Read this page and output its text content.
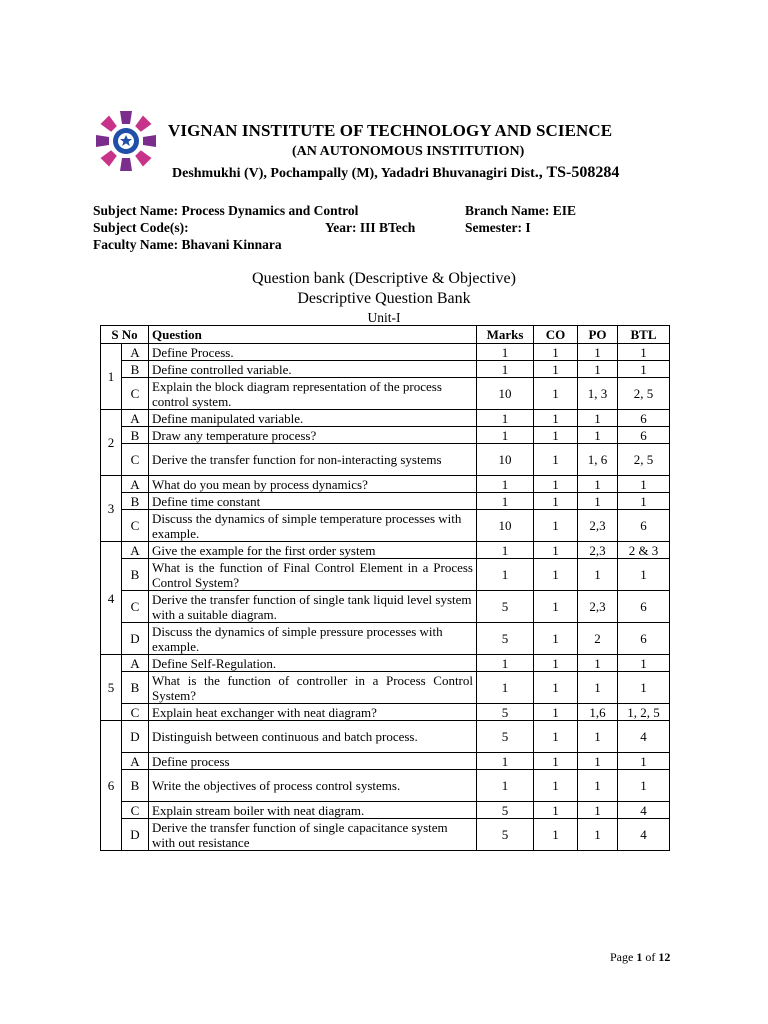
VIGNAN INSTITUTE OF TECHNOLOGY AND SCIENCE
(AN AUTONOMOUS INSTITUTION)
Deshmukhi (V), Pochampally (M), Yadadri Bhuvanagiri Dist., TS-508284
Subject Name: Process Dynamics and Control
Subject Code(s):	Year: III BTech
Faculty Name: Bhavani Kinnara
Branch Name: EIE
Semester: I
Question bank (Descriptive & Objective)
Descriptive Question Bank
Unit-I
S No		Question	Marks	CO	PO	BTL
1	A	Define Process.	1	1	1	1
	B	Define controlled variable.	1	1	1	1
	C	Explain the block diagram representation of the process control system.	10	1	1, 3	2, 5
2	A	Define manipulated variable.	1	1	1	6
	B	Draw any temperature process?	1	1	1	6
	C	Derive the transfer function for non-interacting systems	10	1	1, 6	2, 5
3	A	What do you mean by process dynamics?	1	1	1	1
	B	Define time constant	1	1	1	1
	C	Discuss the dynamics of simple temperature processes with example.	10	1	2,3	6
4	A	Give the example for the first order system	1	1	2,3	2 & 3
	B	What is the function of Final Control Element in a Process Control System?	1	1	1	1
	C	Derive the transfer function of single tank liquid level system with a suitable diagram.	5	1	2,3	6
	D	Discuss the dynamics of simple pressure processes with example.	5	1	2	6
5	A	Define Self-Regulation.	1	1	1	1
	B	What is the function of controller in a Process Control System?	1	1	1	1
	C	Explain heat exchanger with neat diagram?	5	1	1,6	1, 2, 5
6	D	Distinguish between continuous and batch process.	5	1	1	4
	A	Define process	1	1	1	1
	B	Write the objectives of process control systems.	1	1	1	1
	C	Explain stream boiler with neat diagram.	5	1	1	4
	D	Derive the transfer function of single capacitance system with out resistance	5	1	1	4
Page 1 of 12
